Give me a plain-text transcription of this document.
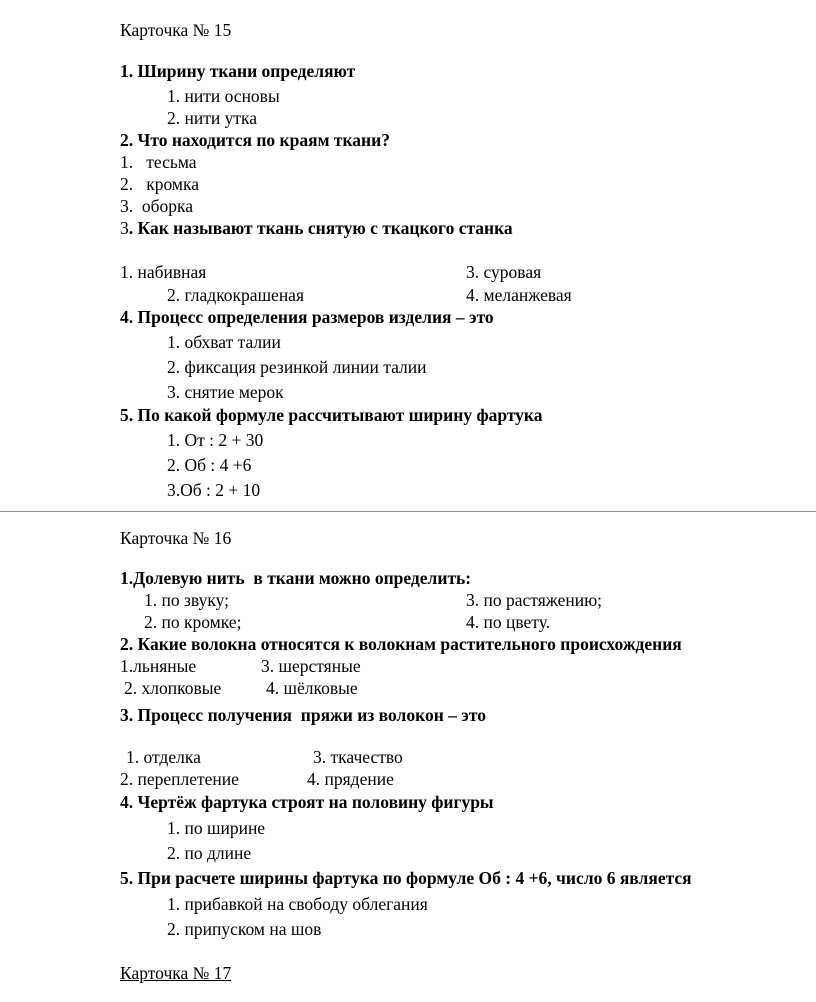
Карточка № 15
1. Ширину ткани определяют
1. нити основы
2. нити утка
2. Что находится по краям ткани?
1.   тесьма
2.   кромка
3.  оборка
3. Как называют ткань снятую с ткацкого станка
1. набивная	3. суровая
2. гладкокрашеная	4. меланжевая
4. Процесс определения размеров изделия – это
1. обхват талии
2. фиксация резинкой линии талии
3. снятие мерок
5. По какой формуле рассчитывают ширину фартука
1. От : 2 + 30
2. Об : 4 +6
3.Об : 2 + 10
Карточка № 16
1.Долевую нить  в ткани можно определить:
1. по звуку;	3. по растяжению;
2. по кромке;	4. по цвету.
2. Какие волокна относятся к волокнам растительного происхождения
1.льняные	3. шерстяные
2. хлопковые	4. шёлковые
3. Процесс получения  пряжи из волокон – это
1. отделка	3. ткачество
2. переплетение	4. прядение
4. Чертёж фартука строят на половину фигуры
1. по ширине
2. по длине
5. При расчете ширины фартука по формуле Об : 4 +6, число 6 является
1. прибавкой на свободу облегания
2. припуском на шов
Карточка № 17
